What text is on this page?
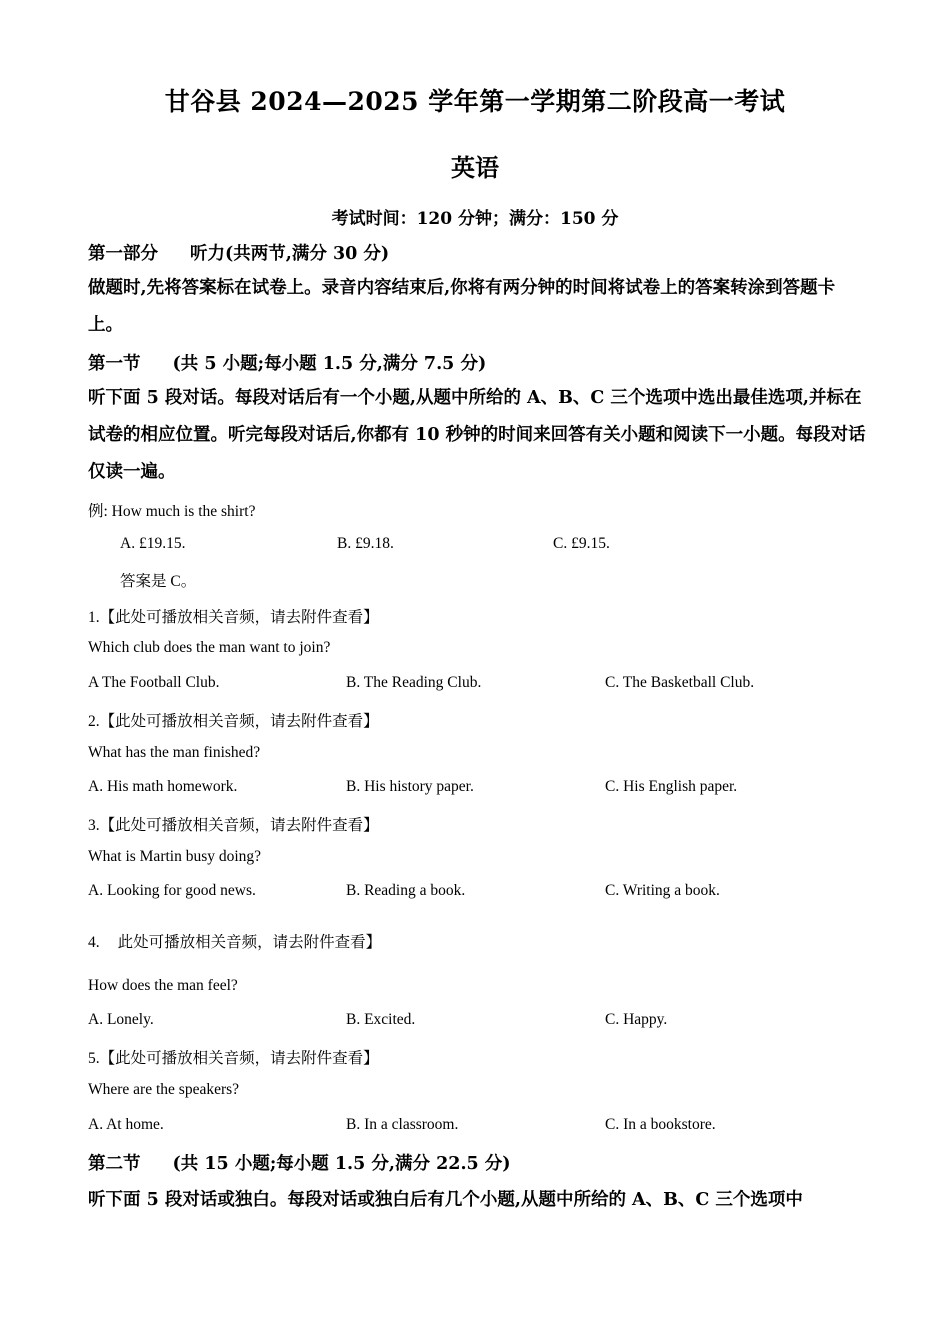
甘谷县 2024—2025 学年第一学期第二阶段高一考试
英语
考试时间：120 分钟；满分：150 分
第一部分 听力(共两节,满分 30 分)
做题时,先将答案标在试卷上。录音内容结束后,你将有两分钟的时间将试卷上的答案转涂到答题卡上。
第一节 (共 5 小题;每小题 1.5 分,满分 7.5 分)
听下面 5 段对话。每段对话后有一个小题,从题中所给的 A、B、C 三个选项中选出最佳选项,并标在试卷的相应位置。听完每段对话后,你都有 10 秒钟的时间来回答有关小题和阅读下一小题。每段对话仅读一遍。
例: How much is the shirt?
A. £19.15.	B. £9.18.	C. £9.15.
答案是 C。
1.【此处可播放相关音频，请去附件查看】
Which club does the man want to join?
A The Football Club.	B. The Reading Club.	C. The Basketball Club.
2.【此处可播放相关音频，请去附件查看】
What has the man finished?
A. His math homework.	B. His history paper.	C. His English paper.
3.【此处可播放相关音频，请去附件查看】
What is Martin busy doing?
A. Looking for good news.	B. Reading a book.	C. Writing a book.
4. 此处可播放相关音频，请去附件查看】
How does the man feel?
A. Lonely.	B. Excited.	C. Happy.
5.【此处可播放相关音频，请去附件查看】
Where are the speakers?
A. At home.	B. In a classroom.	C. In a bookstore.
第二节 (共 15 小题;每小题 1.5 分,满分 22.5 分)
听下面 5 段对话或独白。每段对话或独白后有几个小题,从题中所给的 A、B、C 三个选项中
